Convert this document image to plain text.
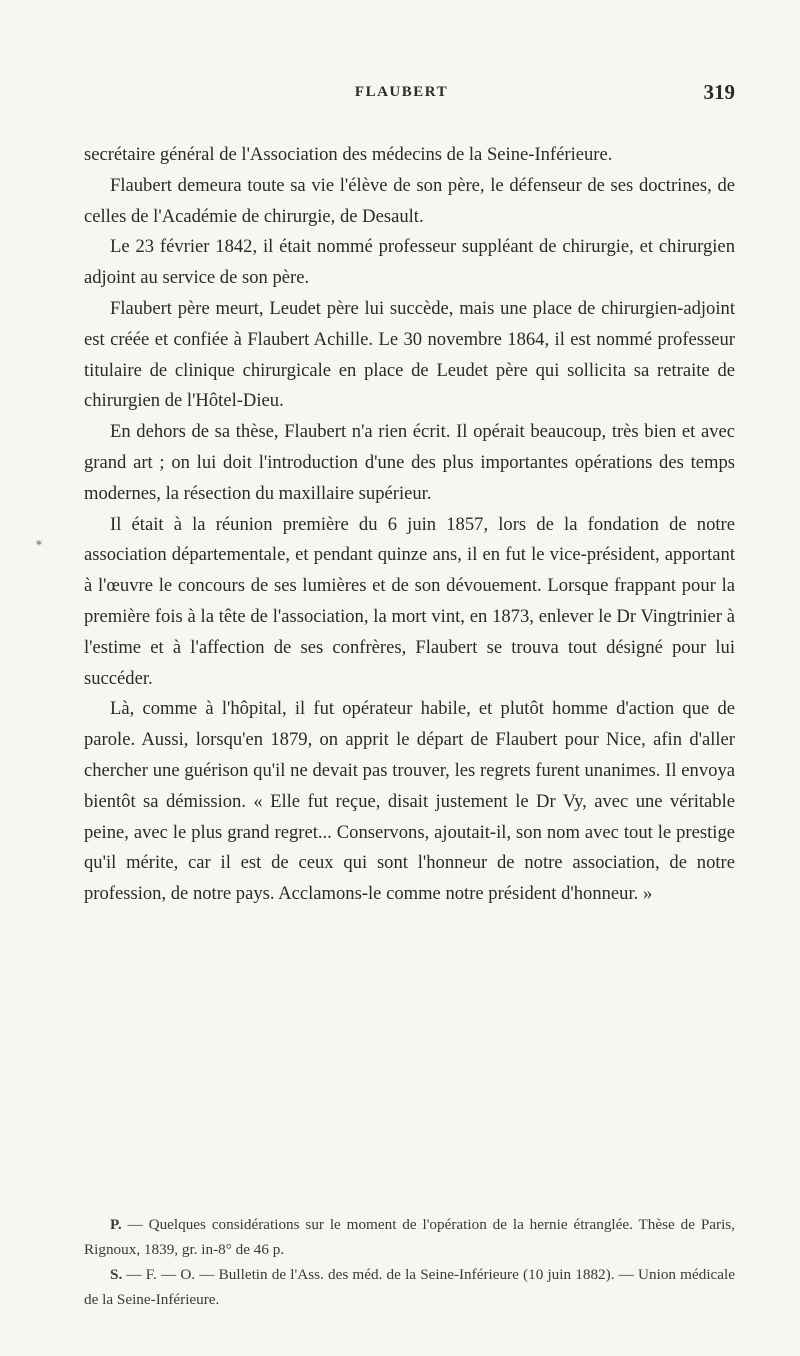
FLAUBERT	319
⁎

secrétaire général de l'Association des médecins de la Seine-Inférieure.

Flaubert demeura toute sa vie l'élève de son père, le défenseur de ses doctrines, de celles de l'Académie de chirurgie, de Desault.

Le 23 février 1842, il était nommé professeur suppléant de chirurgie, et chirurgien adjoint au service de son père.

Flaubert père meurt, Leudet père lui succède, mais une place de chirurgien-adjoint est créée et confiée à Flaubert Achille. Le 30 novembre 1864, il est nommé professeur titulaire de clinique chirurgicale en place de Leudet père qui sollicita sa retraite de chirurgien de l'Hôtel-Dieu.

En dehors de sa thèse, Flaubert n'a rien écrit. Il opérait beaucoup, très bien et avec grand art ; on lui doit l'introduction d'une des plus importantes opérations des temps modernes, la résection du maxillaire supérieur.

Il était à la réunion première du 6 juin 1857, lors de la fondation de notre association départementale, et pendant quinze ans, il en fut le vice-président, apportant à l'œuvre le concours de ses lumières et de son dévouement. Lorsque frappant pour la première fois à la tête de l'association, la mort vint, en 1873, enlever le Dr Vingtrinier à l'estime et à l'affection de ses confrères, Flaubert se trouva tout désigné pour lui succéder.

Là, comme à l'hôpital, il fut opérateur habile, et plutôt homme d'action que de parole. Aussi, lorsqu'en 1879, on apprit le départ de Flaubert pour Nice, afin d'aller chercher une guérison qu'il ne devait pas trouver, les regrets furent unanimes. Il envoya bientôt sa démission. « Elle fut reçue, disait justement le Dr Vy, avec une véritable peine, avec le plus grand regret... Conservons, ajoutait-il, son nom avec tout le prestige qu'il mérite, car il est de ceux qui sont l'honneur de notre association, de notre profession, de notre pays. Acclamons-le comme notre président d'honneur. »

P. — Quelques considérations sur le moment de l'opération de la hernie étranglée. Thèse de Paris, Rignoux, 1839, gr. in-8° de 46 p.

S. — F. — O. — Bulletin de l'Ass. des méd. de la Seine-Inférieure (10 juin 1882). — Union médicale de la Seine-Inférieure.
